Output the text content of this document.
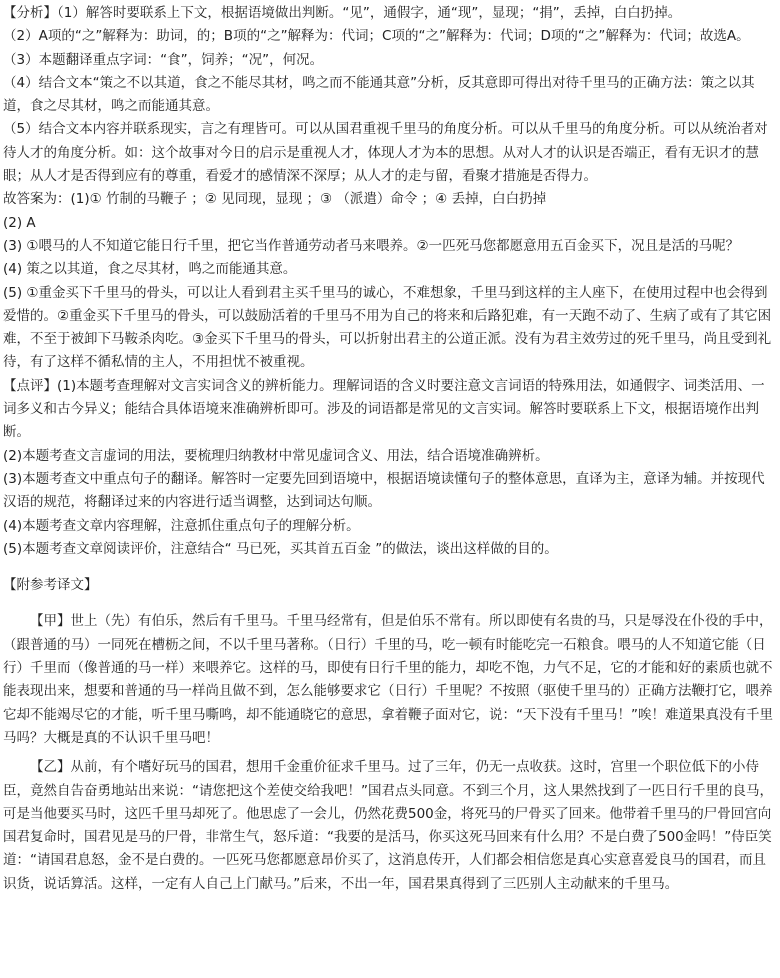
【分析】（1）解答时要联系上下文，根据语境做出判断。“见”，通假字，通“现”，显现；“捐”，丢掉，白白扔掉。

（2）A项的“之”解释为：助词，的；B项的“之”解释为：代词；C项的“之”解释为：代词；D项的“之”解释为：代词；故选A。

（3）本题翻译重点字词：“食”，饲养；“况”，何况。

（4）结合文本“策之不以其道，食之不能尽其材，鸣之而不能通其意”分析，反其意即可得出对待千里马的正确方法：策之以其道，食之尽其材，鸣之而能通其意。

（5）结合文本内容并联系现实，言之有理皆可。可以从国君重视千里马的角度分析。可以从千里马的角度分析。可以从统治者对待人才的角度分析。如：这个故事对今日的启示是重视人才，体现人才为本的思想。从对人才的认识是否端正，看有无识才的慧眼；从人才是否得到应有的尊重，看爱才的感情深不深厚；从人才的走与留，看聚才措施是否得力。

故答案为：(1)① 竹制的马鞭子 ；② 见同现，显现 ；③ （派遣）命令 ；④ 丢掉，白白扔掉

(2) A

(3) ①喂马的人不知道它能日行千里，把它当作普通劳动者马来喂养。②一匹死马您都愿意用五百金买下，况且是活的马呢？

(4) 策之以其道，食之尽其材，鸣之而能通其意。

(5) ①重金买下千里马的骨头，可以让人看到君主买千里马的诚心，不难想象，千里马到这样的主人座下，在使用过程中也会得到爱惜的。②重金买下千里马的骨头，可以鼓励活着的千里马不用为自己的将来和后路犯难，有一天跑不动了、生病了或有了其它困难，不至于被卸下马鞍杀肉吃。③金买下千里马的骨头，可以折射出君主的公道正派。没有为君主效劳过的死千里马，尚且受到礼待，有了这样不循私情的主人，不用担忧不被重视。

【点评】(1)本题考查理解对文言实词含义的辨析能力。理解词语的含义时要注意文言词语的特殊用法，如通假字、词类活用、一词多义和古今异义；能结合具体语境来准确辨析即可。涉及的词语都是常见的文言实词。解答时要联系上下文，根据语境作出判断。

(2)本题考查文言虚词的用法，要梳理归纳教材中常见虚词含义、用法，结合语境准确辨析。

(3)本题考查文中重点句子的翻译。解答时一定要先回到语境中，根据语境读懂句子的整体意思，直译为主，意译为辅。并按现代汉语的规范，将翻译过来的内容进行适当调整，达到词达句顺。

(4)本题考查文章内容理解，注意抓住重点句子的理解分析。

(5)本题考查文章阅读评价，注意结合“ 马已死，买其首五百金 ”的做法，谈出这样做的目的。

【附参考译文】

【甲】世上（先）有伯乐，然后有千里马。千里马经常有，但是伯乐不常有。所以即使有名贵的马，只是辱没在仆役的手中，（跟普通的马）一同死在槽枥之间，不以千里马著称。（日行）千里的马，吃一顿有时能吃完一石粮食。喂马的人不知道它能（日行）千里而（像普通的马一样）来喂养它。这样的马，即使有日行千里的能力，却吃不饱，力气不足，它的才能和好的素质也就不能表现出来，想要和普通的马一样尚且做不到，怎么能够要求它（日行）千里呢？不按照（驱使千里马的）正确方法鞭打它，喂养它却不能竭尽它的才能，听千里马嘶鸣，却不能通晓它的意思，拿着鞭子面对它，说：“天下没有千里马！”唉！难道果真没有千里马吗？大概是真的不认识千里马吧！

【乙】从前，有个嗜好玩马的国君，想用千金重价征求千里马。过了三年，仍无一点收获。这时，宫里一个职位低下的小侍臣，竟然自告奋勇地站出来说：“请您把这个差使交给我吧！”国君点头同意。不到三个月，这人果然找到了一匹日行千里的良马，可是当他要买马时，这匹千里马却死了。他思虑了一会儿，仍然花费500金，将死马的尸骨买了回来。他带着千里马的尸骨回宫向国君复命时，国君见是马的尸骨，非常生气，怒斥道：“我要的是活马，你买这死马回来有什么用？不是白费了500金吗！”侍臣笑道：“请国君息怒，金不是白费的。一匹死马您都愿意昂价买了，这消息传开，人们都会相信您是真心实意喜爱良马的国君，而且识货，说话算活。这样，一定有人自己上门献马。”后来，不出一年，国君果真得到了三匹别人主动献来的千里马。
